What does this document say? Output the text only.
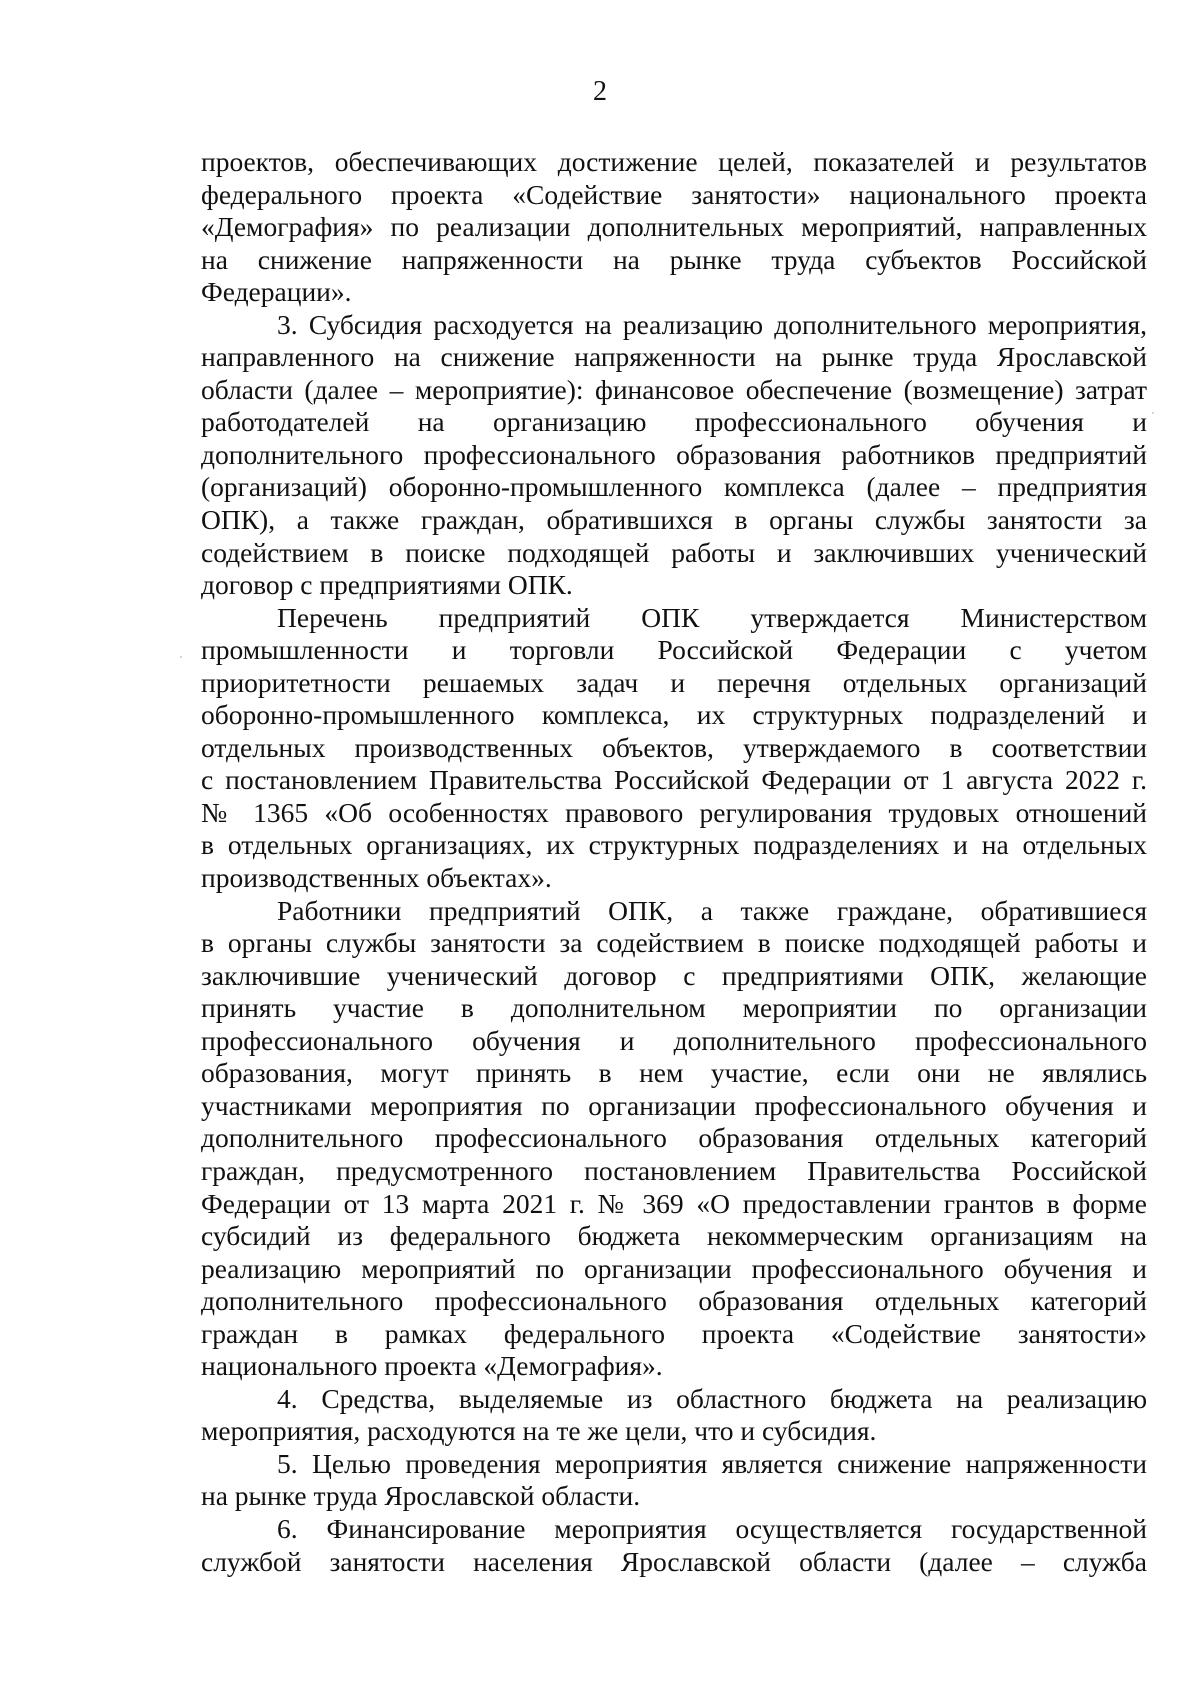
2
проектов, обеспечивающих достижение целей, показателей и результатов
федерального проекта «Содействие занятости» национального проекта
«Демография» по реализации дополнительных мероприятий, направленных
на снижение напряженности на рынке труда субъектов Российской
Федерации».
3. Субсидия расходуется на реализацию дополнительного мероприятия,
направленного на снижение напряженности на рынке труда Ярославской
области (далее – мероприятие): финансовое обеспечение (возмещение) затрат
работодателей на организацию профессионального обучения и
дополнительного профессионального образования работников предприятий
(организаций) оборонно-промышленного комплекса (далее – предприятия
ОПК), а также граждан, обратившихся в органы службы занятости за
содействием в поиске подходящей работы и заключивших ученический
договор с предприятиями ОПК.
Перечень предприятий ОПК утверждается Министерством
промышленности и торговли Российской Федерации с учетом
приоритетности решаемых задач и перечня отдельных организаций
оборонно-промышленного комплекса, их структурных подразделений и
отдельных производственных объектов, утверждаемого в соответствии
с постановлением Правительства Российской Федерации от 1 августа 2022 г.
№ 1365 «Об особенностях правового регулирования трудовых отношений
в отдельных организациях, их структурных подразделениях и на отдельных
производственных объектах».
Работники предприятий ОПК, а также граждане, обратившиеся
в органы службы занятости за содействием в поиске подходящей работы и
заключившие ученический договор с предприятиями ОПК, желающие
принять участие в дополнительном мероприятии по организации
профессионального обучения и дополнительного профессионального
образования, могут принять в нем участие, если они не являлись
участниками мероприятия по организации профессионального обучения и
дополнительного профессионального образования отдельных категорий
граждан, предусмотренного постановлением Правительства Российской
Федерации от 13 марта 2021 г. № 369 «О предоставлении грантов в форме
субсидий из федерального бюджета некоммерческим организациям на
реализацию мероприятий по организации профессионального обучения и
дополнительного профессионального образования отдельных категорий
граждан в рамках федерального проекта «Содействие занятости»
национального проекта «Демография».
4. Средства, выделяемые из областного бюджета на реализацию
мероприятия, расходуются на те же цели, что и субсидия.
5. Целью проведения мероприятия является снижение напряженности
на рынке труда Ярославской области.
6. Финансирование мероприятия осуществляется государственной
службой занятости населения Ярославской области (далее – служба
